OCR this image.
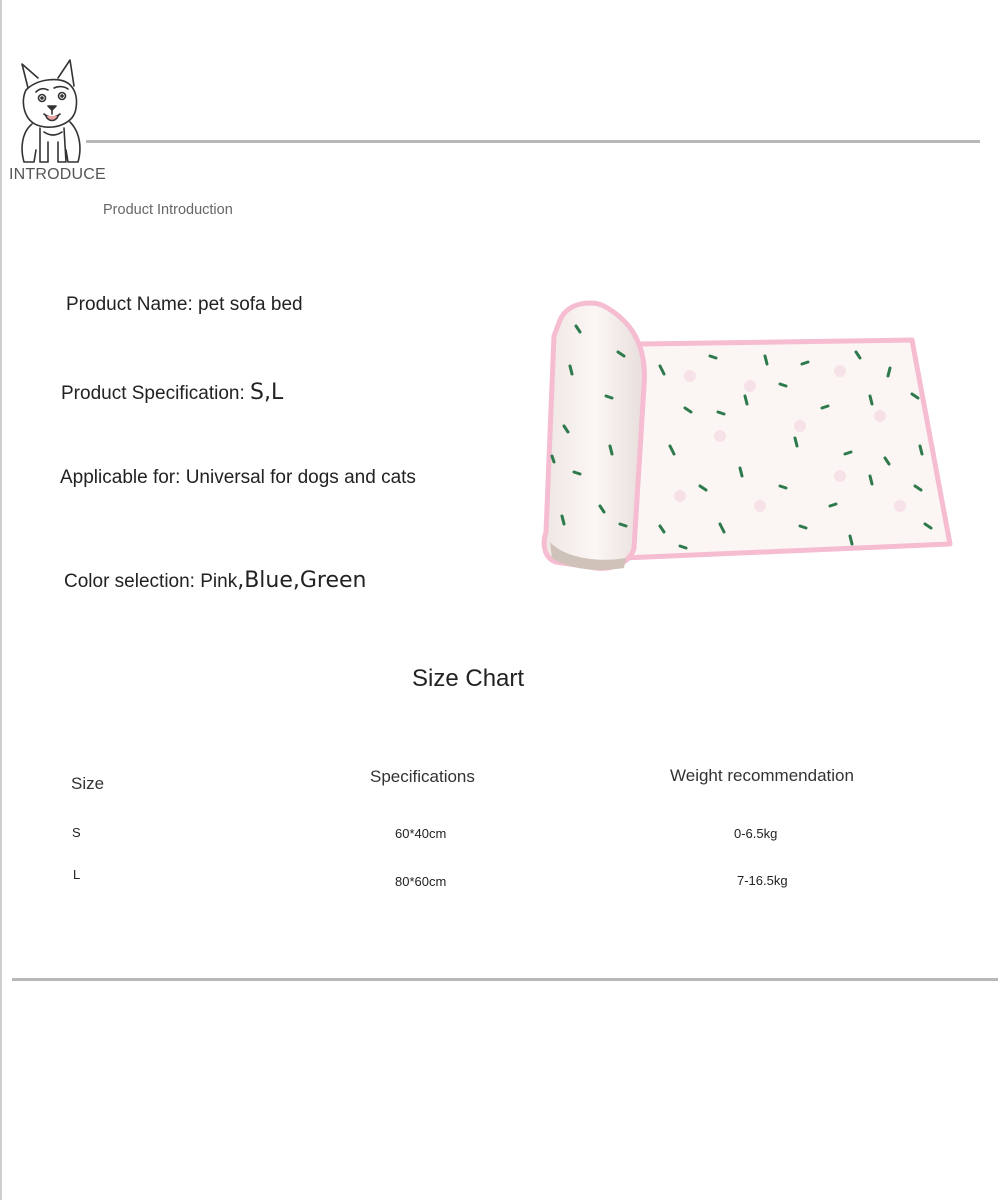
INTRODUCE
Product Introduction
Product Name: pet sofa bed
Product Specification: S,L
Applicable for: Universal for dogs and cats
Color selection: Pink,Blue,Green
Size Chart
Size	Specifications	Weight recommendation
S	60*40cm	0-6.5kg
L	80*60cm	7-16.5kg
